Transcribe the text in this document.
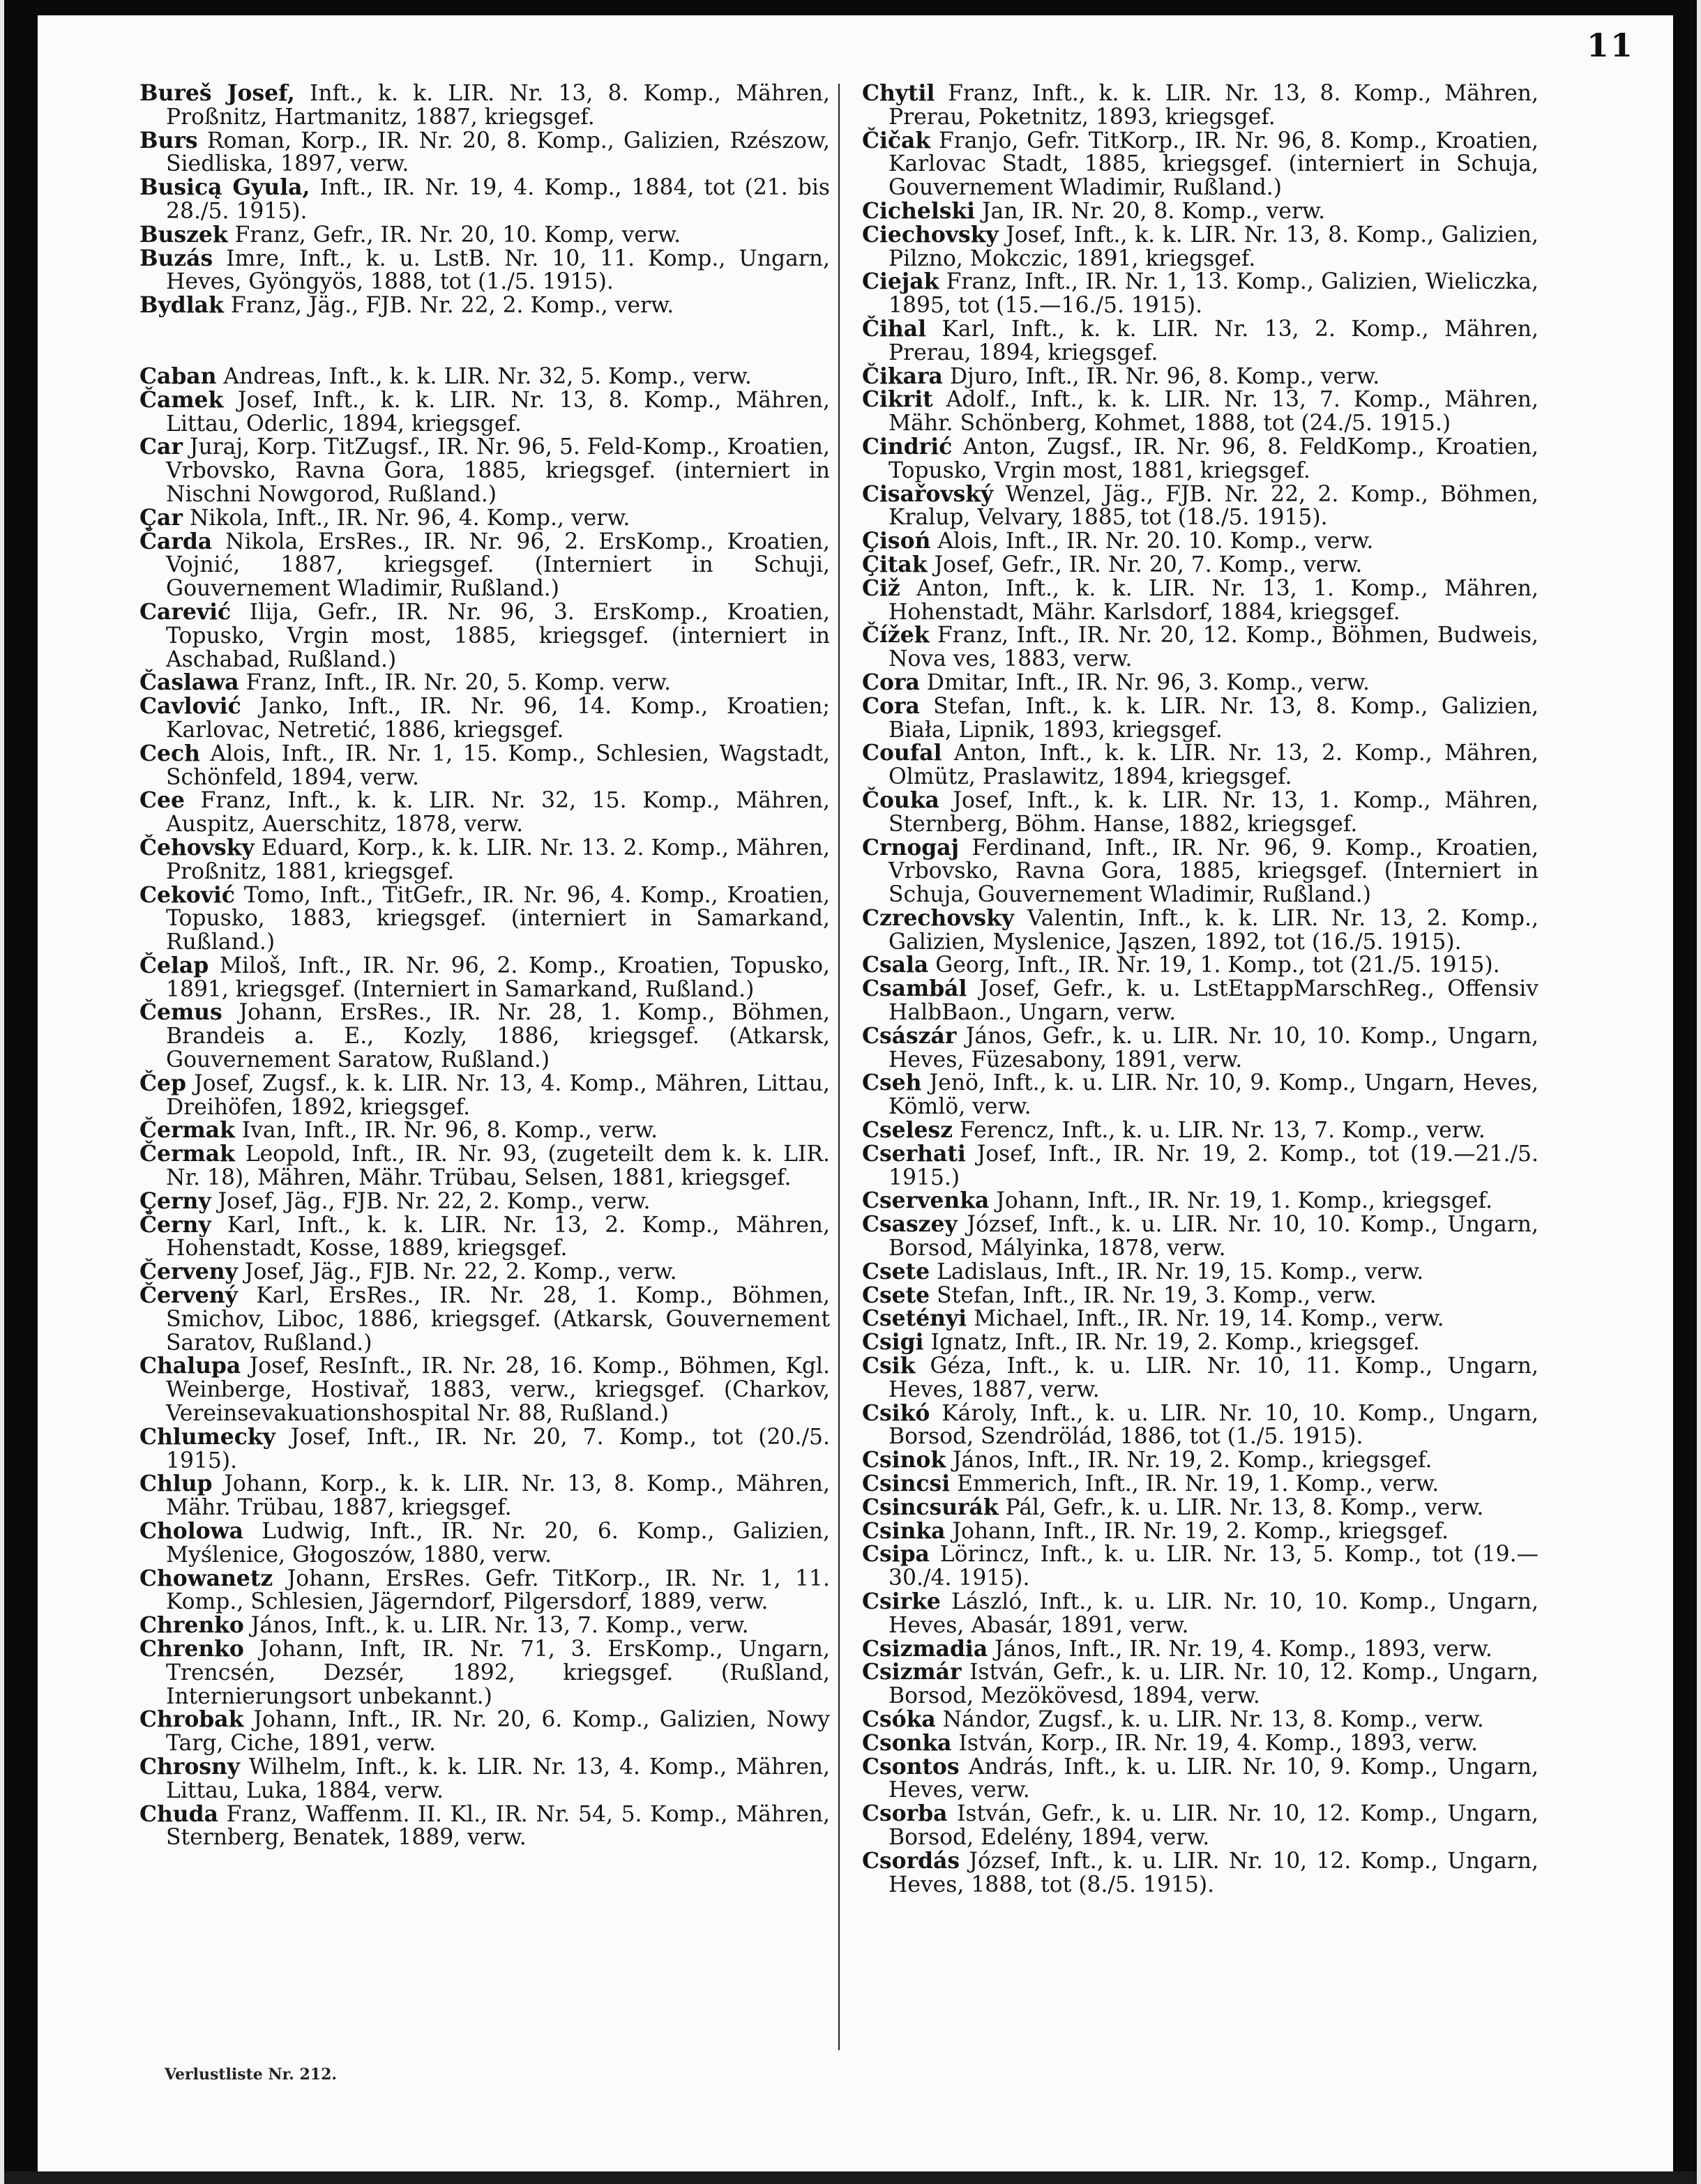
11

Bureš Josef, Inft., k. k. LIR. Nr. 13, 8. Komp., Mähren, Proßnitz, Hartmanitz, 1887, kriegsgef.

Burs Roman, Korp., IR. Nr. 20, 8. Komp., Galizien, Rzészow, Siedliska, 1897, verw.

Busicą Gyula, Inft., IR. Nr. 19, 4. Komp., 1884, tot (21. bis 28./5. 1915).

Buszek Franz, Gefr., IR. Nr. 20, 10. Komp, verw.

Buzás Imre, Inft., k. u. LstB. Nr. 10, 11. Komp., Ungarn, Heves, Gyöngyös, 1888, tot (1./5. 1915).

Bydlak Franz, Jäg., FJB. Nr. 22, 2. Komp., verw.

Caban Andreas, Inft., k. k. LIR. Nr. 32, 5. Komp., verw.

Čamek Josef, Inft., k. k. LIR. Nr. 13, 8. Komp., Mähren, Littau, Oderlic, 1894, kriegsgef.

Car Juraj, Korp. TitZugsf., IR. Nr. 96, 5. Feld-Komp., Kroatien, Vrbovsko, Ravna Gora, 1885, kriegsgef. (interniert in Nischni Nowgorod, Rußland.)

Çar Nikola, Inft., IR. Nr. 96, 4. Komp., verw.

Čarda Nikola, ErsRes., IR. Nr. 96, 2. ErsKomp., Kroatien, Vojnić, 1887, kriegsgef. (Interniert in Schuji, Gouvernement Wladimir, Rußland.)

Carević Ilija, Gefr., IR. Nr. 96, 3. ErsKomp., Kroatien, Topusko, Vrgin most, 1885, kriegsgef. (interniert in Aschabad, Rußland.)

Časlawa Franz, Inft., IR. Nr. 20, 5. Komp. verw.

Cavlović Janko, Inft., IR. Nr. 96, 14. Komp., Kroatien; Karlovac, Netretić, 1886, kriegsgef.

Cech Alois, Inft., IR. Nr. 1, 15. Komp., Schlesien, Wagstadt, Schönfeld, 1894, verw.

Cee Franz, Inft., k. k. LIR. Nr. 32, 15. Komp., Mähren, Auspitz, Auerschitz, 1878, verw.

Čehovsky Eduard, Korp., k. k. LIR. Nr. 13. 2. Komp., Mähren, Proßnitz, 1881, kriegsgef.

Ceković Tomo, Inft., TitGefr., IR. Nr. 96, 4. Komp., Kroatien, Topusko, 1883, kriegsgef. (interniert in Samarkand, Rußland.)

Čelap Miloš, Inft., IR. Nr. 96, 2. Komp., Kroatien, Topusko, 1891, kriegsgef. (Interniert in Samarkand, Rußland.)

Čemus Johann, ErsRes., IR. Nr. 28, 1. Komp., Böhmen, Brandeis a. E., Kozly, 1886, kriegsgef. (Atkarsk, Gouvernement Saratow, Rußland.)

Čep Josef, Zugsf., k. k. LIR. Nr. 13, 4. Komp., Mähren, Littau, Dreihöfen, 1892, kriegsgef.

Čermak Ivan, Inft., IR. Nr. 96, 8. Komp., verw.

Čermak Leopold, Inft., IR. Nr. 93, (zugeteilt dem k. k. LIR. Nr. 18), Mähren, Mähr. Trübau, Selsen, 1881, kriegsgef.

Çerny Josef, Jäg., FJB. Nr. 22, 2. Komp., verw.

Černy Karl, Inft., k. k. LIR. Nr. 13, 2. Komp., Mähren, Hohenstadt, Kosse, 1889, kriegsgef.

Červeny Josef, Jäg., FJB. Nr. 22, 2. Komp., verw.

Červený Karl, ErsRes., IR. Nr. 28, 1. Komp., Böhmen, Smichov, Liboc, 1886, kriegsgef. (Atkarsk, Gouvernement Saratov, Rußland.)

Chalupa Josef, ResInft., IR. Nr. 28, 16. Komp., Böhmen, Kgl. Weinberge, Hostivař, 1883, verw., kriegsgef. (Charkov, Vereinsevakuationshospital Nr. 88, Rußland.)

Chlumecky Josef, Inft., IR. Nr. 20, 7. Komp., tot (20./5. 1915).

Chlup Johann, Korp., k. k. LIR. Nr. 13, 8. Komp., Mähren, Mähr. Trübau, 1887, kriegsgef.

Cholowa Ludwig, Inft., IR. Nr. 20, 6. Komp., Galizien, Myślenice, Głogoszów, 1880, verw.

Chowanetz Johann, ErsRes. Gefr. TitKorp., IR. Nr. 1, 11. Komp., Schlesien, Jägerndorf, Pilgersdorf, 1889, verw.

Chrenko János, Inft., k. u. LIR. Nr. 13, 7. Komp., verw.

Chrenko Johann, Inft, IR. Nr. 71, 3. ErsKomp., Ungarn, Trencsén, Dezsér, 1892, kriegsgef. (Rußland, Internierungsort unbekannt.)

Chrobak Johann, Inft., IR. Nr. 20, 6. Komp., Galizien, Nowy Targ, Ciche, 1891, verw.

Chrosny Wilhelm, Inft., k. k. LIR. Nr. 13, 4. Komp., Mähren, Littau, Luka, 1884, verw.

Chuda Franz, Waffenm. II. Kl., IR. Nr. 54, 5. Komp., Mähren, Sternberg, Benatek, 1889, verw.

Chytil Franz, Inft., k. k. LIR. Nr. 13, 8. Komp., Mähren, Prerau, Poketnitz, 1893, kriegsgef.

Čičak Franjo, Gefr. TitKorp., IR. Nr. 96, 8. Komp., Kroatien, Karlovac Stadt, 1885, kriegsgef. (interniert in Schuja, Gouvernement Wladimir, Rußland.)

Cichelski Jan, IR. Nr. 20, 8. Komp., verw.

Ciechovsky Josef, Inft., k. k. LIR. Nr. 13, 8. Komp., Galizien, Pilzno, Mokczic, 1891, kriegsgef.

Ciejak Franz, Inft., IR. Nr. 1, 13. Komp., Galizien, Wieliczka, 1895, tot (15.—16./5. 1915).

Čihal Karl, Inft., k. k. LIR. Nr. 13, 2. Komp., Mähren, Prerau, 1894, kriegsgef.

Čikara Djuro, Inft., IR. Nr. 96, 8. Komp., verw.

Cikrit Adolf., Inft., k. k. LIR. Nr. 13, 7. Komp., Mähren, Mähr. Schönberg, Kohmet, 1888, tot (24./5. 1915.)

Cindrić Anton, Zugsf., IR. Nr. 96, 8. FeldKomp., Kroatien, Topusko, Vrgin most, 1881, kriegsgef.

Cisařovský Wenzel, Jäg., FJB. Nr. 22, 2. Komp., Böhmen, Kralup, Velvary, 1885, tot (18./5. 1915).

Çisoń Alois, Inft., IR. Nr. 20. 10. Komp., verw.

Çitak Josef, Gefr., IR. Nr. 20, 7. Komp., verw.

Ciž Anton, Inft., k. k. LIR. Nr. 13, 1. Komp., Mähren, Hohenstadt, Mähr. Karlsdorf, 1884, kriegsgef.

Čížek Franz, Inft., IR. Nr. 20, 12. Komp., Böhmen, Budweis, Nova ves, 1883, verw.

Cora Dmitar, Inft., IR. Nr. 96, 3. Komp., verw.

Cora Stefan, Inft., k. k. LIR. Nr. 13, 8. Komp., Galizien, Biała, Lipnik, 1893, kriegsgef.

Coufal Anton, Inft., k. k. LIR. Nr. 13, 2. Komp., Mähren, Olmütz, Praslawitz, 1894, kriegsgef.

Čouka Josef, Inft., k. k. LIR. Nr. 13, 1. Komp., Mähren, Sternberg, Böhm. Hanse, 1882, kriegsgef.

Crnogaj Ferdinand, Inft., IR. Nr. 96, 9. Komp., Kroatien, Vrbovsko, Ravna Gora, 1885, kriegsgef. (Interniert in Schuja, Gouvernement Wladimir, Rußland.)

Czrechovsky Valentin, Inft., k. k. LIR. Nr. 13, 2. Komp., Galizien, Myslenice, Jąszen, 1892, tot (16./5. 1915).

Csala Georg, Inft., IR. Nr. 19, 1. Komp., tot (21./5. 1915).

Csambál Josef, Gefr., k. u. LstEtappMarschReg., Offensiv HalbBaon., Ungarn, verw.

Császár János, Gefr., k. u. LIR. Nr. 10, 10. Komp., Ungarn, Heves, Füzesabony, 1891, verw.

Cseh Jenö, Inft., k. u. LIR. Nr. 10, 9. Komp., Ungarn, Heves, Kömlö, verw.

Cselesz Ferencz, Inft., k. u. LIR. Nr. 13, 7. Komp., verw.

Cserhati Josef, Inft., IR. Nr. 19, 2. Komp., tot (19.—21./5. 1915.)

Cservenka Johann, Inft., IR. Nr. 19, 1. Komp., kriegsgef.

Csaszey József, Inft., k. u. LIR. Nr. 10, 10. Komp., Ungarn, Borsod, Málуinka, 1878, verw.

Csete Ladislaus, Inft., IR. Nr. 19, 15. Komp., verw.

Csete Stefan, Inft., IR. Nr. 19, 3. Komp., verw.

Csetényi Michael, Inft., IR. Nr. 19, 14. Komp., verw.

Csigi Ignatz, Inft., IR. Nr. 19, 2. Komp., kriegsgef.

Csik Géza, Inft., k. u. LIR. Nr. 10, 11. Komp., Ungarn, Heves, 1887, verw.

Csikó Károly, Inft., k. u. LIR. Nr. 10, 10. Komp., Ungarn, Borsod, Szendrölád, 1886, tot (1./5. 1915).

Csinok János, Inft., IR. Nr. 19, 2. Komp., kriegsgef.

Csincsi Emmerich, Inft., IR. Nr. 19, 1. Komp., verw.

Csincsurák Pál, Gefr., k. u. LIR. Nr. 13, 8. Komp., verw.

Csinka Johann, Inft., IR. Nr. 19, 2. Komp., kriegsgef.

Csipa Lörincz, Inft., k. u. LIR. Nr. 13, 5. Komp., tot (19.—30./4. 1915).

Csirke László, Inft., k. u. LIR. Nr. 10, 10. Komp., Ungarn, Heves, Abasár, 1891, verw.

Csizmadia János, Inft., IR. Nr. 19, 4. Komp., 1893, verw.

Csizmár István, Gefr., k. u. LIR. Nr. 10, 12. Komp., Ungarn, Borsod, Mezökövesd, 1894, verw.

Csóka Nándor, Zugsf., k. u. LIR. Nr. 13, 8. Komp., verw.

Csonka István, Korp., IR. Nr. 19, 4. Komp., 1893, verw.

Csontos András, Inft., k. u. LIR. Nr. 10, 9. Komp., Ungarn, Heves, verw.

Csorba István, Gefr., k. u. LIR. Nr. 10, 12. Komp., Ungarn, Borsod, Edelény, 1894, verw.

Csordás József, Inft., k. u. LIR. Nr. 10, 12. Komp., Ungarn, Heves, 1888, tot (8./5. 1915).

Verlustliste Nr. 212.
